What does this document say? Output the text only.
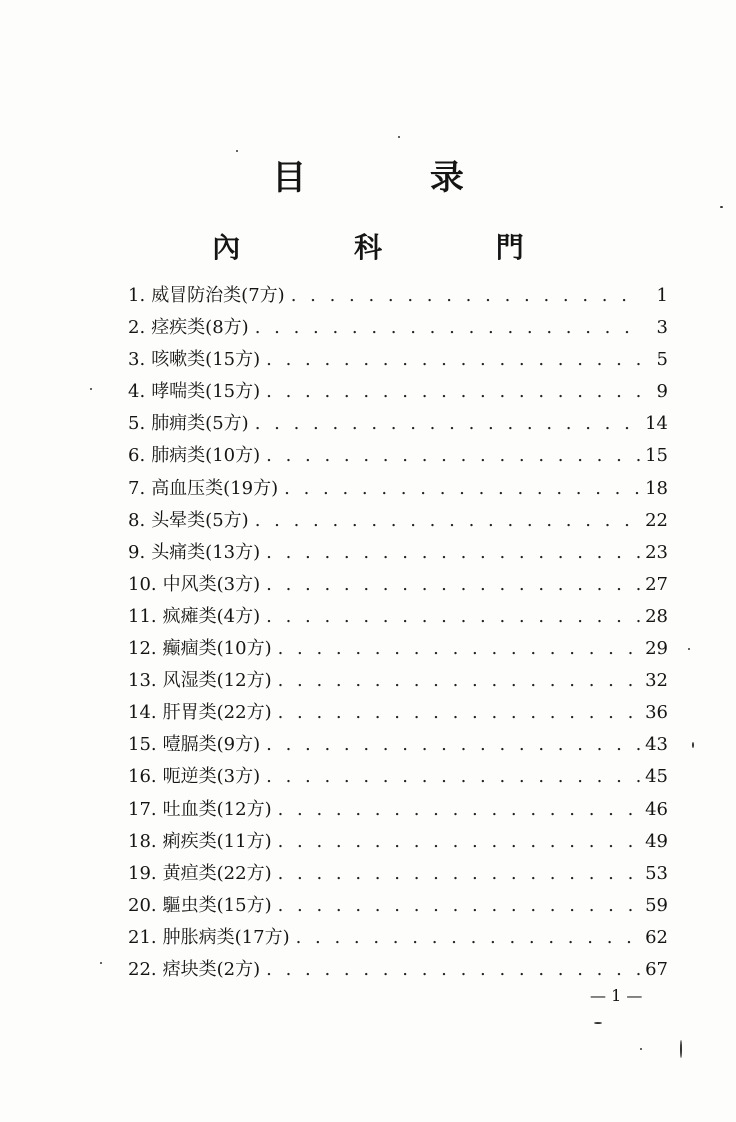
目 录
內 科 門
1. 威冒防治类(7方) . . .	1
2. 痉疾类(8方) . . .	3
3. 咳嗽类(15方) . . .	5
4. 哮喘类(15方) . . .	9
5. 肺痈类(5方) . . .	14
6. 肺病类(10方) . . .	15
7. 高血压类(19方) . . .	18
8. 头晕类(5方) . . .	22
9. 头痛类(13方) . . .	23
10. 中风类(3方) . . .	27
11. 疯瘫类(4方) . . .	28
12. 癫痼类(10方) . . .	29
13. 风湿类(12方) . . .	32
14. 肝胃类(22方) . . .	36
15. 噎膈类(9方) . . .	43
16. 呃逆类(3方) . . .	45
17. 吐血类(12方) . . .	46
18. 痢疾类(11方) . . .	49
19. 黄疸类(22方) . . .	53
20. 驅虫类(15方) . . .	59
21. 肿胀病类(17方) . . .	62
22. 痞块类(2方) . . .	67
— 1 —
